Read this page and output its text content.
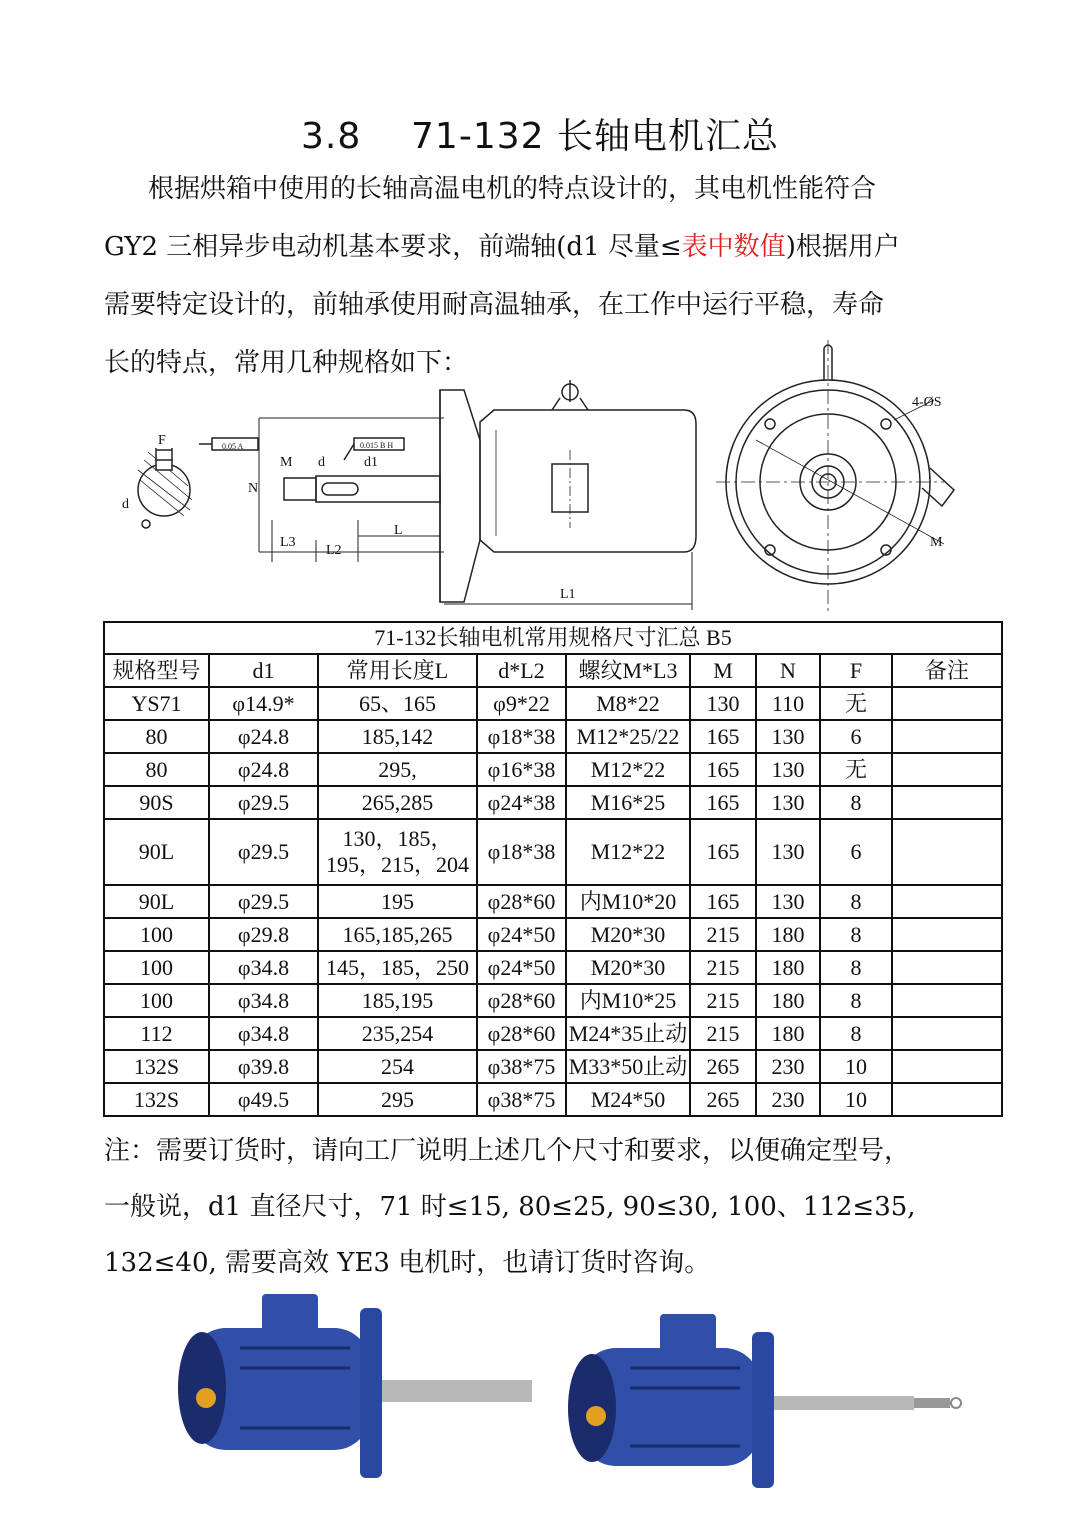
3.8 71-132 长轴电机汇总
根据烘箱中使用的长轴高温电机的特点设计的，其电机性能符合
GY2 三相异步电动机基本要求，前端轴(d1 尽量≤表中数值)根据用户
需要特定设计的，前轴承使用耐高温轴承，在工作中运行平稳，寿命
长的特点，常用几种规格如下：
F
d
0.05 A
N
M d	d1
0.015 B H
L
L3
L2
L1
4-ØS
M
71-132长轴电机常用规格尺寸汇总 B5								
规格型号	d1	常用长度L	d*L2	螺纹M*L3	M	N	F	备注
YS71	φ14.9*	65、165	φ9*22	M8*22	130	110	无	
80	φ24.8	185,142	φ18*38	M12*25/22	165	130	6	
80	φ24.8	295,	φ16*38	M12*22	165	130	无	
90S	φ29.5	265,285	φ24*38	M16*25	165	130	8	
90L	φ29.5	130，185，
195，215，204	φ18*38	M12*22	165	130	6	
90L	φ29.5	195	φ28*60	内M10*20	165	130	8	
100	φ29.8	165,185,265	φ24*50	M20*30	215	180	8	
100	φ34.8	145，185，250	φ24*50	M20*30	215	180	8	
100	φ34.8	185,195	φ28*60	内M10*25	215	180	8	
112	φ34.8	235,254	φ28*60	M24*35止动	215	180	8	
132S	φ39.8	254	φ38*75	M33*50止动	265	230	10	
132S	φ49.5	295	φ38*75	M24*50	265	230	10	
注：需要订货时，请向工厂说明上述几个尺寸和要求，以便确定型号，
一般说，d1 直径尺寸，71 时≤15, 80≤25, 90≤30, 100、112≤35,
132≤40, 需要高效 YE3 电机时，也请订货时咨询。
